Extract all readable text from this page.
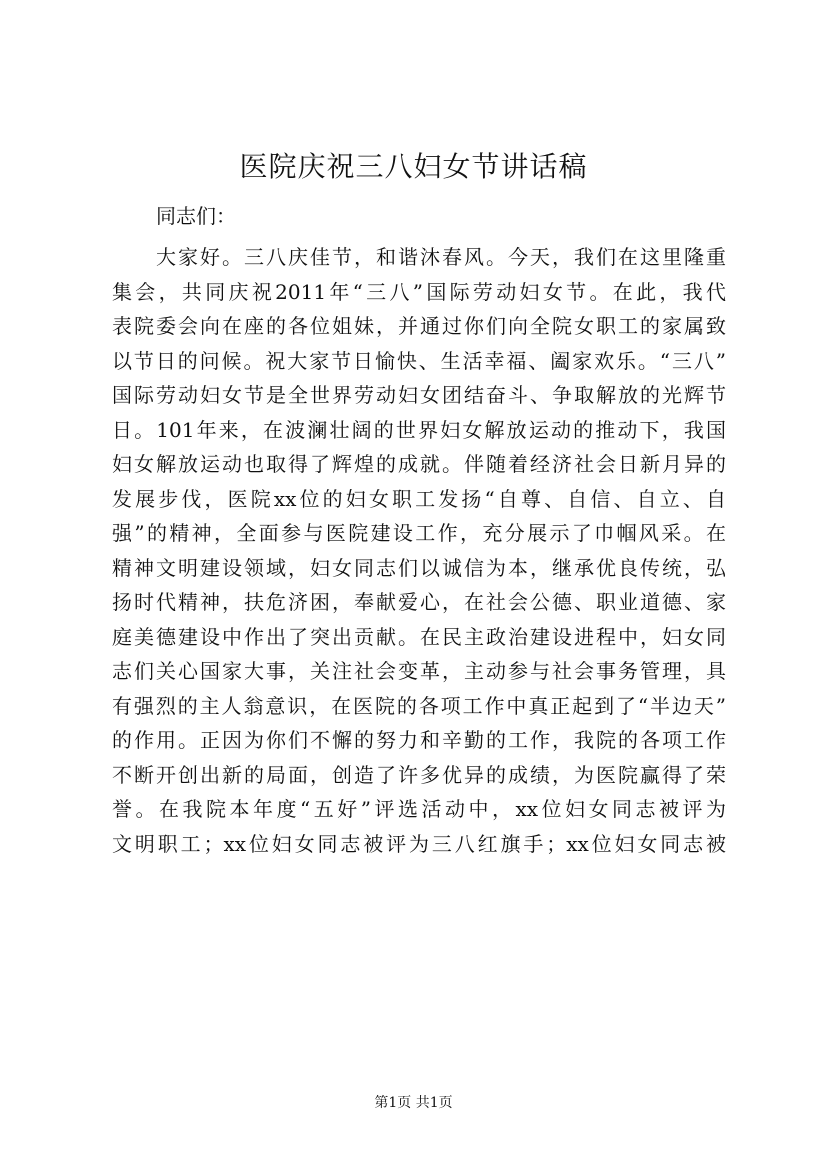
医院庆祝三八妇女节讲话稿

同志们：

大家好。三八庆佳节，和谐沐春风。今天，我们在这里隆重
集会，共同庆祝2011年“三八”国际劳动妇女节。在此，我代
表院委会向在座的各位姐妹，并通过你们向全院女职工的家属致
以节日的问候。祝大家节日愉快、生活幸福、阖家欢乐。“三八”
国际劳动妇女节是全世界劳动妇女团结奋斗、争取解放的光辉节
日。101年来，在波澜壮阔的世界妇女解放运动的推动下，我国
妇女解放运动也取得了辉煌的成就。伴随着经济社会日新月异的
发展步伐，医院xx位的妇女职工发扬“自尊、自信、自立、自
强”的精神，全面参与医院建设工作，充分展示了巾帼风采。在
精神文明建设领域，妇女同志们以诚信为本，继承优良传统，弘
扬时代精神，扶危济困，奉献爱心，在社会公德、职业道德、家
庭美德建设中作出了突出贡献。在民主政治建设进程中，妇女同
志们关心国家大事，关注社会变革，主动参与社会事务管理，具
有强烈的主人翁意识，在医院的各项工作中真正起到了“半边天”
的作用。正因为你们不懈的努力和辛勤的工作，我院的各项工作
不断开创出新的局面，创造了许多优异的成绩，为医院赢得了荣
誉。在我院本年度“五好”评选活动中，xx位妇女同志被评为
文明职工；xx位妇女同志被评为三八红旗手；xx位妇女同志被
第1页 共1页
